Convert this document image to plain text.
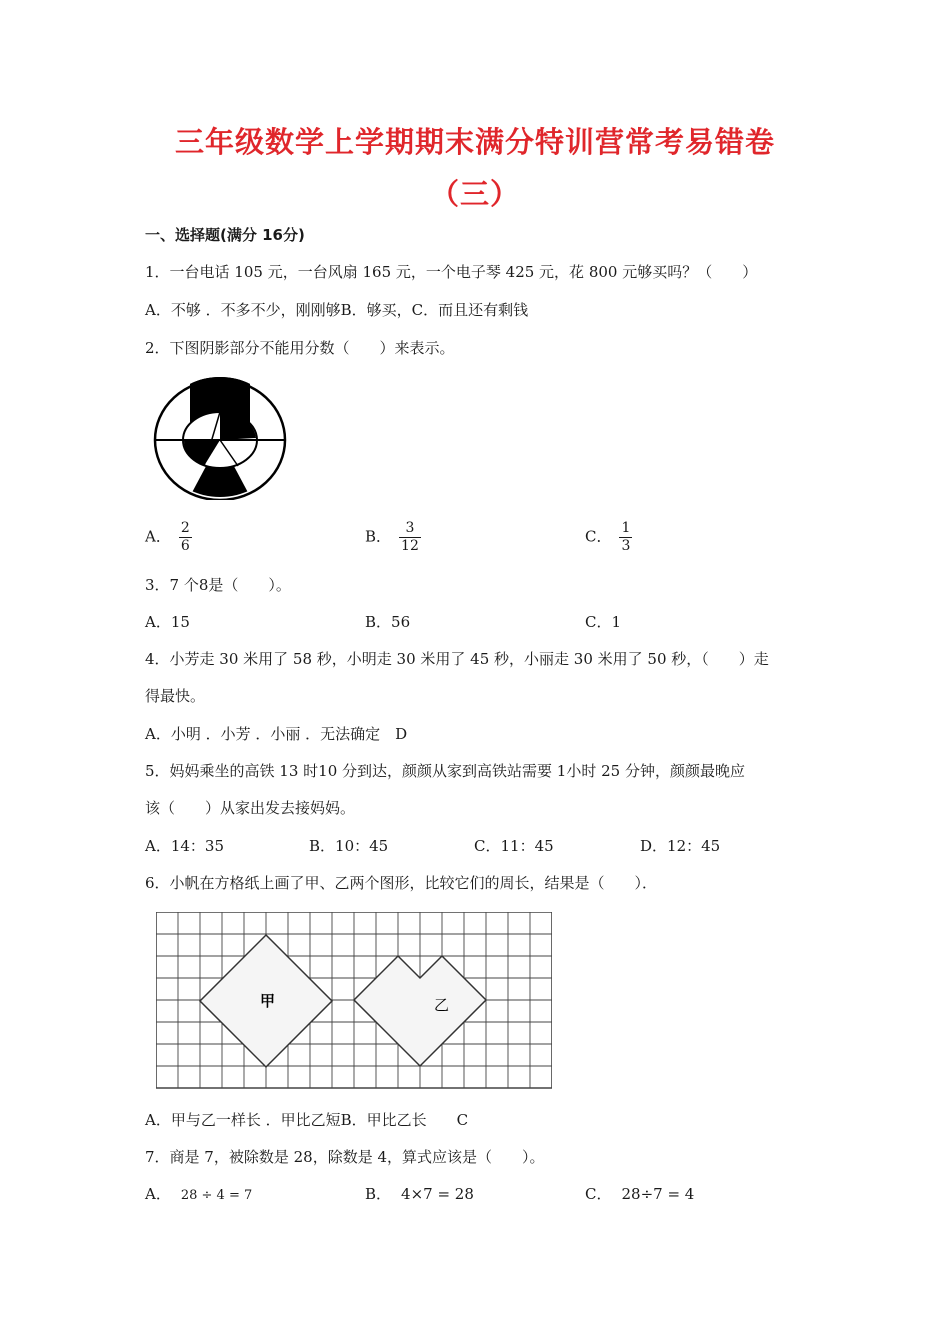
三年级数学上学期期末满分特训营常考易错卷
（三）
一、选择题(满分 16分)
1．一台电话 105 元，一台风扇 165 元，一个电子琴 425 元，花 800 元够买吗？（　　）
A．不够 ．不多不少，刚刚够B．够买，C．而且还有剩钱
2．下图阴影部分不能用分数（　　）来表示。
A． $\frac{2}{6}$	B． $\frac{3}{12}$	C． $\frac{1}{3}$
3．7 个8是（　　）。
A．15	B．56	C．1
4．小芳走 30 米用了 58 秒，小明走 30 米用了 45 秒，小丽走 30 米用了 50 秒，（　　）走
得最快。
A．小明 ．小芳 ．小丽 ．无法确定　D
5．妈妈乘坐的高铁 13 时10 分到达，颜颜从家到高铁站需要 1小时 25 分钟，颜颜最晚应
该（　　）从家出发去接妈妈。
A．14：35	B．10：45	C．11：45	D．12：45
6．小帆在方格纸上画了甲、乙两个图形，比较它们的周长，结果是（　　）．
甲	乙
A．甲与乙一样长 ．甲比乙短B．甲比乙长　　C
7．商是 7，被除数是 28，除数是 4，算式应该是（　　）。
A． 28 ÷ 4 = 7	B． 4×7 = 28	C． 28÷7 = 4
